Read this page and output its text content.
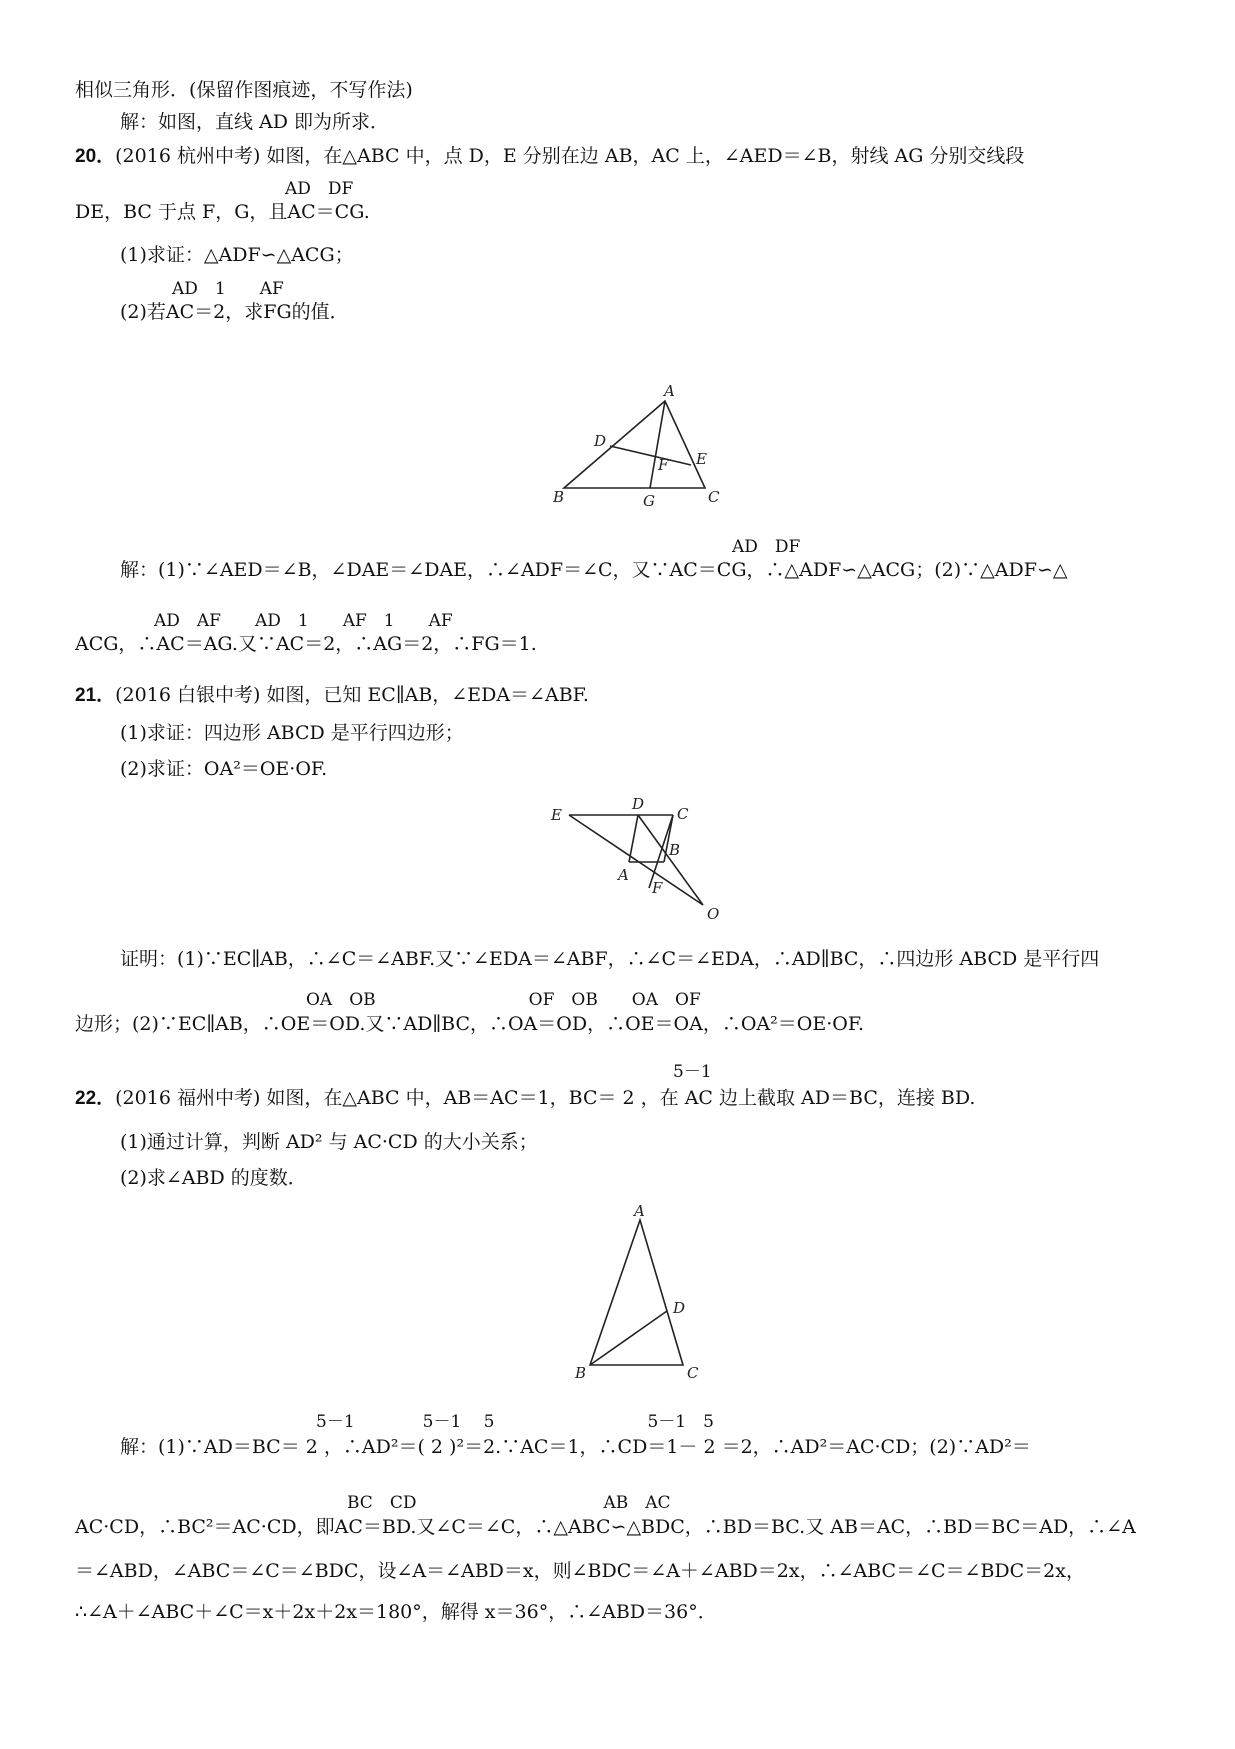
相似三角形．(保留作图痕迹，不写作法)
解：如图，直线 AD 即为所求．
20．(2016 杭州中考) 如图，在△ABC 中，点 D，E 分别在边 AB，AC 上，∠AED＝∠B，射线 AG 分别交线段
AD　DF
DE，BC 于点 F，G，且AC＝CG.
(1)求证：△ADF∽△ACG；
AD　1　　AF
(2)若AC＝2，求FG的值．
A
B	C
D
E
F
G
AD　DF
解：(1)∵∠AED＝∠B，∠DAE＝∠DAE，∴∠ADF＝∠C，又∵AC＝CG，∴△ADF∽△ACG；(2)∵△ADF∽△
AD　AF　　AD　1　　AF　1　　AF
ACG，∴AC＝AG.又∵AC＝2，∴AG＝2，∴FG＝1.
21．(2016 白银中考) 如图，已知 EC∥AB，∠EDA＝∠ABF.
(1)求证：四边形 ABCD 是平行四边形；
(2)求证：OA²＝OE·OF.
E
D
C
A
B
F
O
证明：(1)∵EC∥AB，∴∠C＝∠ABF.又∵∠EDA＝∠ABF，∴∠C＝∠EDA，∴AD∥BC，∴四边形 ABCD 是平行四
OA　OB　　　　　　　　　OF　OB　　OA　OF
边形；(2)∵EC∥AB，∴OE＝OD.又∵AD∥BC，∴OA＝OD，∴OE＝OA，∴OA²＝OE·OF.
5－1
22．(2016 福州中考) 如图，在△ABC 中，AB＝AC＝1，BC＝ 2 ，在 AC 边上截取 AD＝BC，连接 BD.
(1)通过计算，判断 AD² 与 AC·CD 的大小关系；
(2)求∠ABD 的度数．
A
B	C
D
5－1　　　　5－1　 5　　　　　　　　　5－1　5
解：(1)∵AD＝BC＝ 2 ，∴AD²＝( 2 )²＝2.∵AC＝1，∴CD＝1－ 2 ＝2，∴AD²＝AC·CD；(2)∵AD²＝
BC　CD　　　　　　　　　　　AB　AC
AC·CD，∴BC²＝AC·CD，即AC＝BD.又∠C＝∠C，∴△ABC∽△BDC，∴BD＝BC.又 AB＝AC，∴BD＝BC＝AD，∴∠A
＝∠ABD，∠ABC＝∠C＝∠BDC，设∠A＝∠ABD＝x，则∠BDC＝∠A＋∠ABD＝2x，∴∠ABC＝∠C＝∠BDC＝2x，
∴∠A＋∠ABC＋∠C＝x＋2x＋2x＝180°，解得 x＝36°，∴∠ABD＝36°．
